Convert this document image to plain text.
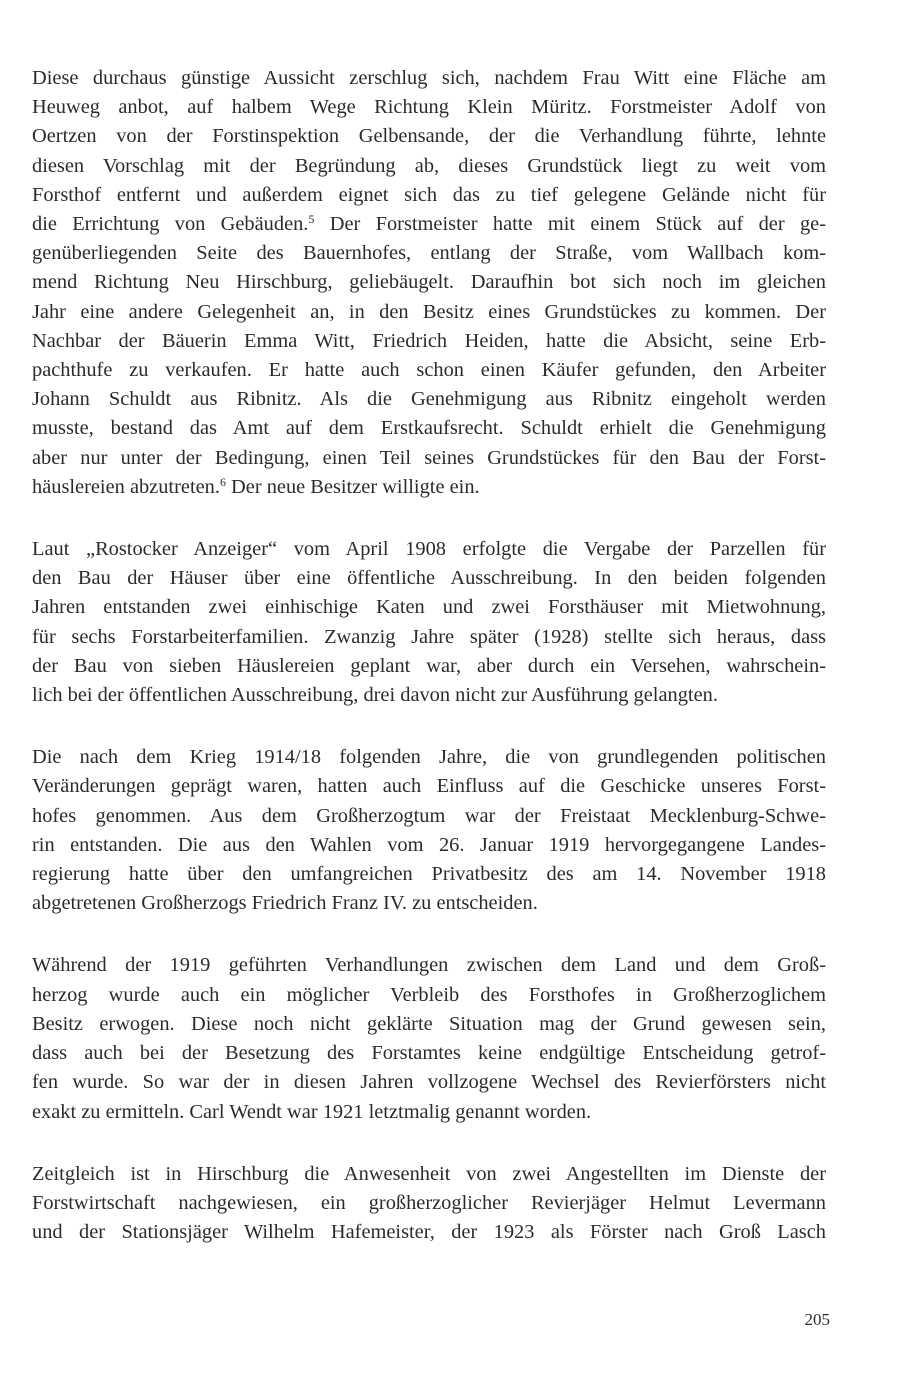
Diese durchaus günstige Aussicht zerschlug sich, nachdem Frau Witt eine Fläche am
Heuweg anbot, auf halbem Wege Richtung Klein Müritz. Forstmeister Adolf von
Oertzen von der Forstinspektion Gelbensande, der die Verhandlung führte, lehnte
diesen Vorschlag mit der Begründung ab, dieses Grundstück liegt zu weit vom
Forsthof entfernt und außerdem eignet sich das zu tief gelegene Gelände nicht für
die Errichtung von Gebäuden.$^5$ Der Forstmeister hatte mit einem Stück auf der ge-
genüberliegenden Seite des Bauernhofes, entlang der Straße, vom Wallbach kom-
mend Richtung Neu Hirschburg, geliebäugelt. Daraufhin bot sich noch im gleichen
Jahr eine andere Gelegenheit an, in den Besitz eines Grundstückes zu kommen. Der
Nachbar der Bäuerin Emma Witt, Friedrich Heiden, hatte die Absicht, seine Erb-
pachthufe zu verkaufen. Er hatte auch schon einen Käufer gefunden, den Arbeiter
Johann Schuldt aus Ribnitz. Als die Genehmigung aus Ribnitz eingeholt werden
musste, bestand das Amt auf dem Erstkaufsrecht. Schuldt erhielt die Genehmigung
aber nur unter der Bedingung, einen Teil seines Grundstückes für den Bau der Forst-
häuslereien abzutreten.$^6$ Der neue Besitzer willigte ein.

Laut „Rostocker Anzeiger“ vom April 1908 erfolgte die Vergabe der Parzellen für
den Bau der Häuser über eine öffentliche Ausschreibung. In den beiden folgenden
Jahren entstanden zwei einhischige Katen und zwei Forsthäuser mit Mietwohnung,
für sechs Forstarbeiterfamilien. Zwanzig Jahre später (1928) stellte sich heraus, dass
der Bau von sieben Häuslereien geplant war, aber durch ein Versehen, wahrschein-
lich bei der öffentlichen Ausschreibung, drei davon nicht zur Ausführung gelangten.

Die nach dem Krieg 1914/18 folgenden Jahre, die von grundlegenden politischen
Veränderungen geprägt waren, hatten auch Einfluss auf die Geschicke unseres Forst-
hofes genommen. Aus dem Großherzogtum war der Freistaat Mecklenburg-Schwe-
rin entstanden. Die aus den Wahlen vom 26. Januar 1919 hervorgegangene Landes-
regierung hatte über den umfangreichen Privatbesitz des am 14. November 1918
abgetretenen Großherzogs Friedrich Franz IV. zu entscheiden.

Während der 1919 geführten Verhandlungen zwischen dem Land und dem Groß-
herzog wurde auch ein möglicher Verbleib des Forsthofes in Großherzoglichem
Besitz erwogen. Diese noch nicht geklärte Situation mag der Grund gewesen sein,
dass auch bei der Besetzung des Forstamtes keine endgültige Entscheidung getrof-
fen wurde. So war der in diesen Jahren vollzogene Wechsel des Revierförsters nicht
exakt zu ermitteln. Carl Wendt war 1921 letztmalig genannt worden.

Zeitgleich ist in Hirschburg die Anwesenheit von zwei Angestellten im Dienste der
Forstwirtschaft nachgewiesen, ein großherzoglicher Revierjäger Helmut Levermann
und der Stationsjäger Wilhelm Hafemeister, der 1923 als Förster nach Groß Lasch

205
